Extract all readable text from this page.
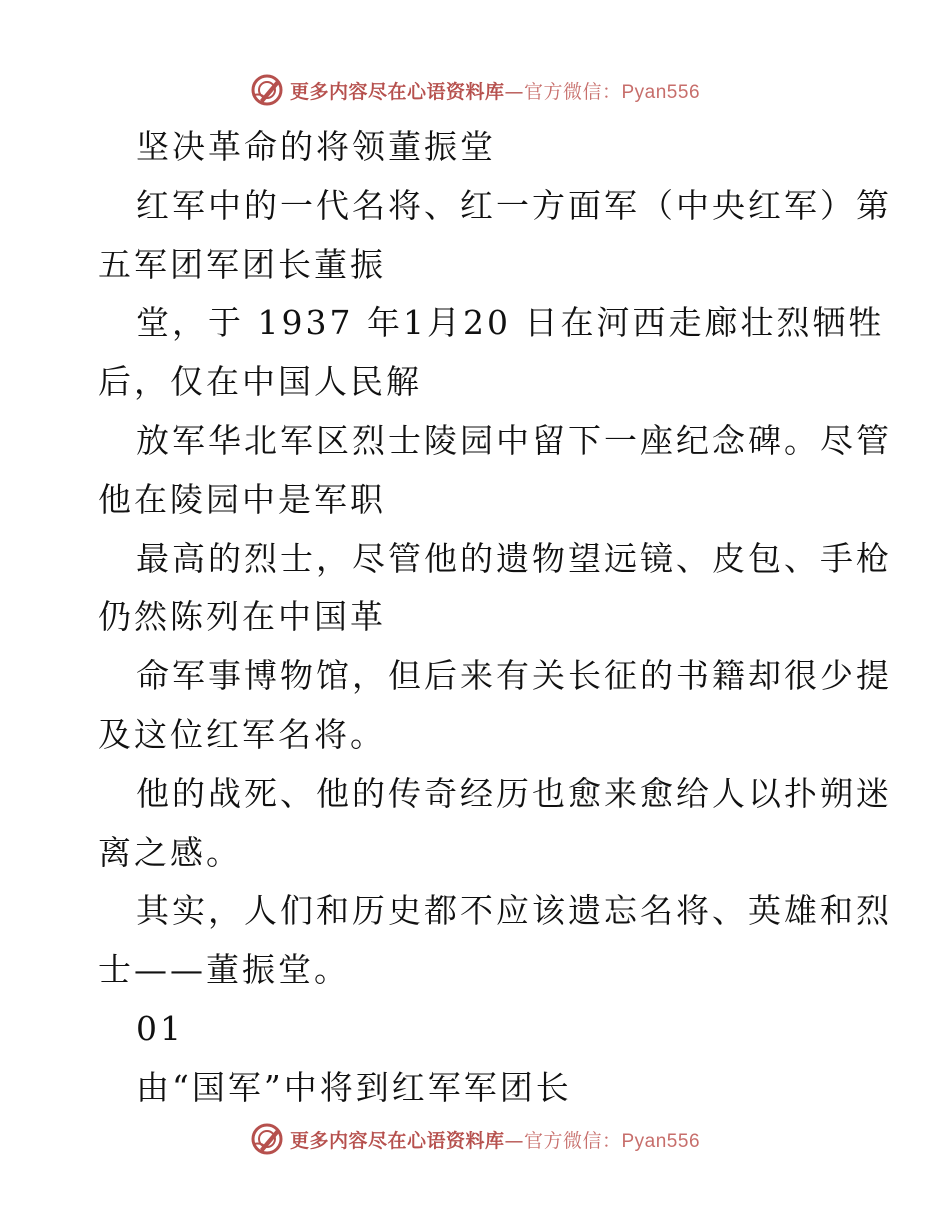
更多内容尽在心语资料库—官方微信：Pyan556
坚决革命的将领董振堂
红军中的一代名将、红一方面军（中央红军）第
五军团军团长董振
堂，于 1937 年1月20 日在河西走廊壮烈牺牲
后，仅在中国人民解
放军华北军区烈士陵园中留下一座纪念碑。尽管
他在陵园中是军职
最高的烈士，尽管他的遗物望远镜、皮包、手枪
仍然陈列在中国革
命军事博物馆，但后来有关长征的书籍却很少提
及这位红军名将。
他的战死、他的传奇经历也愈来愈给人以扑朔迷
离之感。
其实，人们和历史都不应该遗忘名将、英雄和烈
士——董振堂。
01
由“国军”中将到红军军团长
更多内容尽在心语资料库—官方微信：Pyan556
